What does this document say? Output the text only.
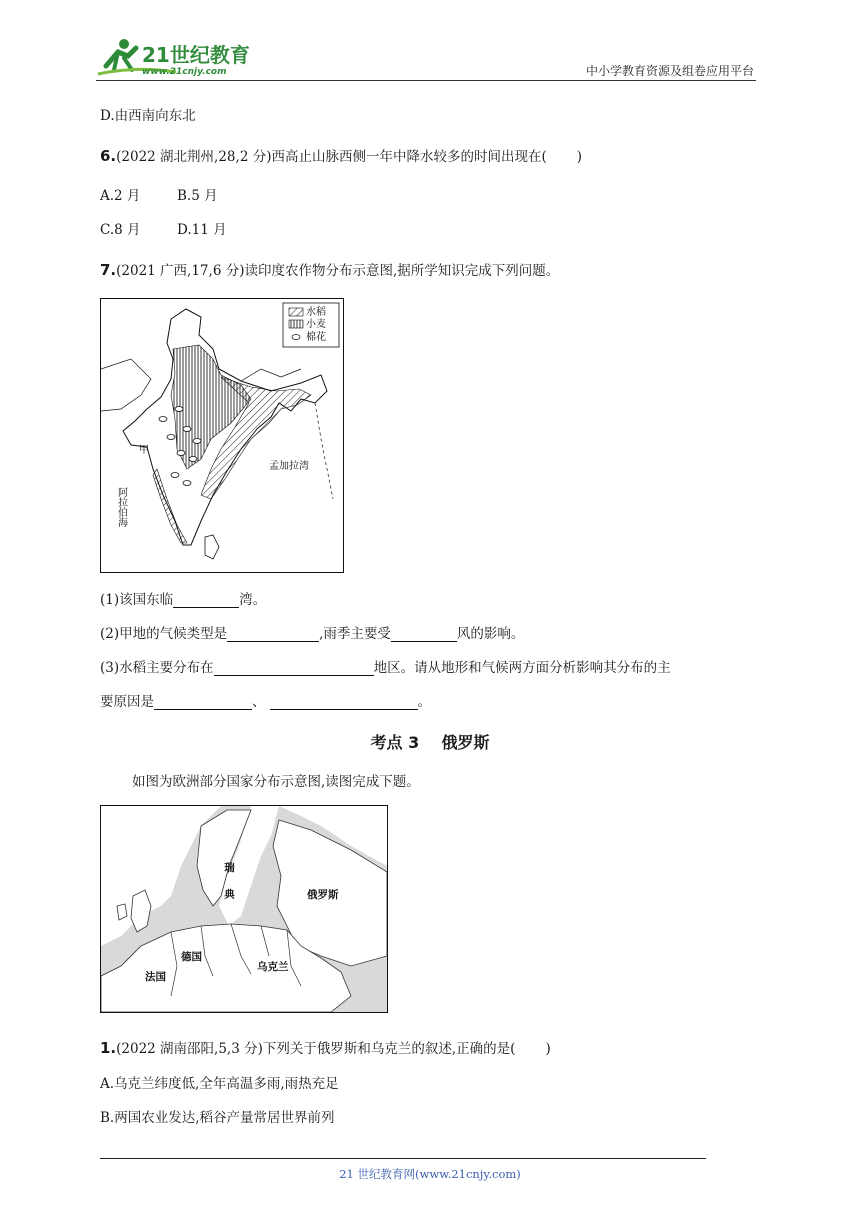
21世纪教育
www.21cnjy.com	中小学教育资源及组卷应用平台
D.由西南向东北
6.(2022 湖北荆州,28,2 分)西高止山脉西侧一年中降水较多的时间出现在( )
A.2 月	B.5 月
C.8 月	D.11 月
7.(2021 广西,17,6 分)读印度农作物分布示意图,据所学知识完成下列问题。
水稻
小麦
棉花
甲
孟加拉湾
阿拉伯海
(1)该国东临	湾。
(2)甲地的气候类型是	,雨季主要受	风的影响。
(3)水稻主要分布在	地区。请从地形和气候两方面分析影响其分布的主
要原因是	、	。
考点 3    俄罗斯
如图为欧洲部分国家分布示意图,读图完成下题。
瑞典	俄罗斯
德国
法国
乌克兰
1.(2022 湖南邵阳,5,3 分)下列关于俄罗斯和乌克兰的叙述,正确的是( )
A.乌克兰纬度低,全年高温多雨,雨热充足
B.两国农业发达,稻谷产量常居世界前列
21 世纪教育网(www.21cnjy.com)
